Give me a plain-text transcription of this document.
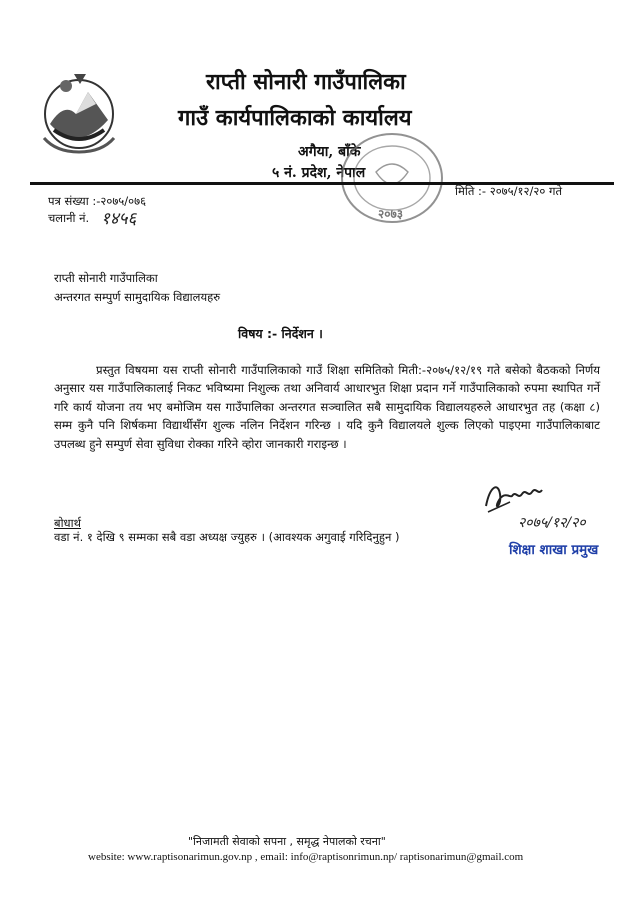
राप्ती सोनारी गाउँपालिका
गाउँ कार्यपालिकाको कार्यालय
अगैया, बाँके
५ नं. प्रदेश, नेपाल
२०७३
पत्र संख्या :-२०७५/०७६
मिति :- २०७५/१२/२० गते
चलानी नं. १४५६
राप्ती सोनारी गाउँपालिका
अन्तरगत सम्पुर्ण सामुदायिक विद्यालयहरु
विषय :- निर्देशन ।

प्रस्तुत विषयमा यस राप्ती सोनारी गाउँपालिकाको गाउँ शिक्षा समितिको मिती:-२०७५/१२/१९ गते बसेको बैठकको निर्णय अनुसार यस गाउँपालिकालाई निकट भविष्यमा निशुल्क तथा अनिवार्य आधारभुत शिक्षा प्रदान गर्ने गाउँपालिकाको रुपमा स्थापित गर्ने गरि कार्य योजना तय भए बमोजिम यस गाउँपालिका अन्तरगत सञ्चालित सबै सामुदायिक विद्यालयहरुले आधारभुत तह (कक्षा ८) सम्म कुनै पनि शिर्षकमा विद्यार्थीसँग शुल्क नलिन निर्देशन गरिन्छ । यदि कुनै विद्यालयले शुल्क लिएको पाइएमा गाउँपालिकाबाट उपलब्ध हुने सम्पुर्ण सेवा सुविधा रोक्का गरिने व्होरा जानकारी गराइन्छ ।

२०७५/१२/२०
शिक्षा शाखा प्रमुख
बोधार्थ
वडा नं. १ देखि ९ सम्मका सबै वडा अध्यक्ष ज्युहरु । (आवश्यक अगुवाई गरिदिनुहुन )
"निजामती सेवाको सपना , समृद्ध नेपालको रचना"
website: www.raptisonarimun.gov.np , email: info@raptisonrimun.np/ raptisonarimun@gmail.com
